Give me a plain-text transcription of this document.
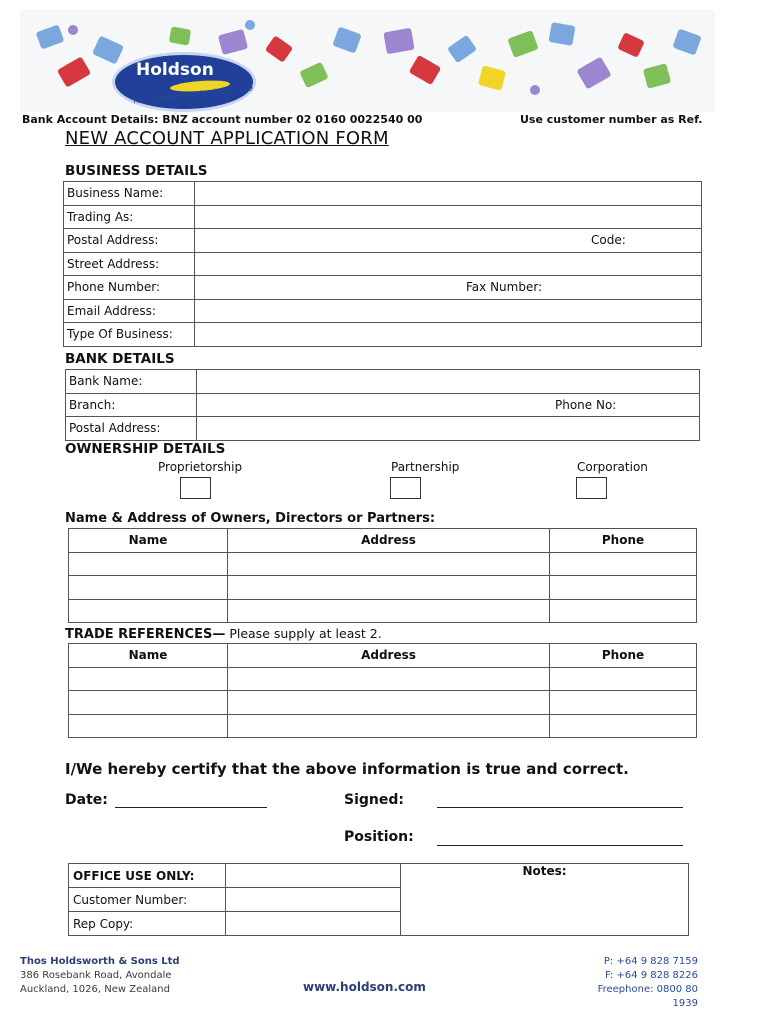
Holdson
Your puzzle people since 1939
Bank Account Details: BNZ account number 02 0160 0022540 00	Use customer number as Ref.
NEW ACCOUNT APPLICATION FORM
BUSINESS DETAILS
Business Name:	
Trading As:	
Postal Address:	Code:

Street Address:	
Phone Number:	Fax Number:

Email Address:	
Type Of Business:	
BANK DETAILS
Bank Name:	
Branch:	Phone No:

Postal Address:	
OWNERSHIP DETAILS
Proprietorship	Partnership	Corporation
Name & Address of Owners, Directors or Partners:
Name	Address	Phone

TRADE REFERENCES— Please supply at least 2.
Name	Address	Phone

I/We hereby certify that the above information is true and correct.
Date:	Signed:
Position:
OFFICE USE ONLY:		Notes:
Customer Number:		
Rep Copy:		
Thos Holdsworth & Sons Ltd
386 Rosebank Road, Avondale
Auckland, 1026, New Zealand	www.holdson.com
P: +64 9 828 7159
F: +64 9 828 8226
Freephone: 0800 80 1939
